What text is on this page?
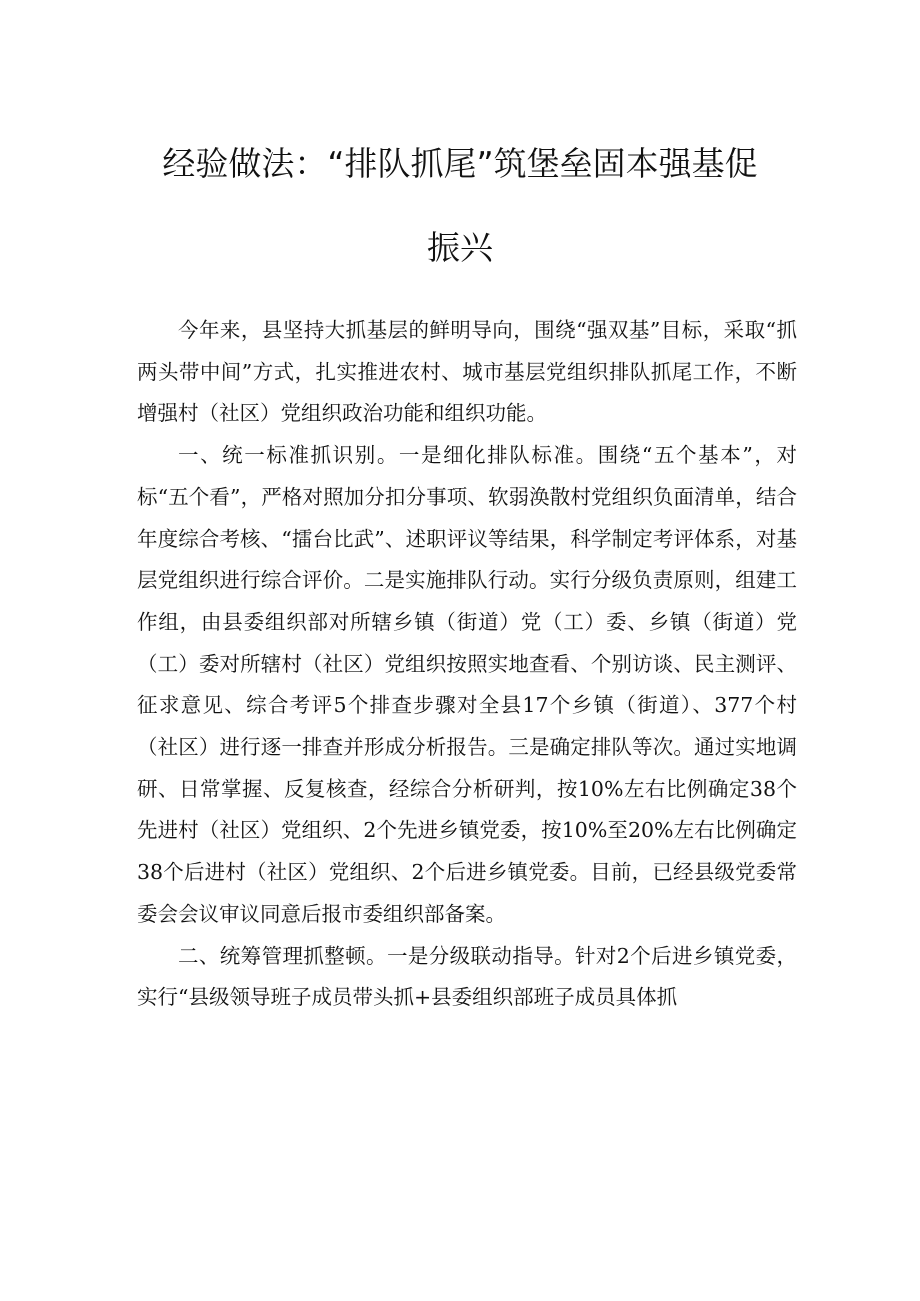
经验做法：“排队抓尾”筑堡垒固本强基促
振兴

今年来，县坚持大抓基层的鲜明导向，围绕“强双基”目标，采取“抓两头带中间”方式，扎实推进农村、城市基层党组织排队抓尾工作，不断增强村（社区）党组织政治功能和组织功能。

一、统一标准抓识别。一是细化排队标准。围绕“五个基本”，对标“五个看”，严格对照加分扣分事项、软弱涣散村党组织负面清单，结合年度综合考核、“擂台比武”、述职评议等结果，科学制定考评体系，对基层党组织进行综合评价。二是实施排队行动。实行分级负责原则，组建工作组，由县委组织部对所辖乡镇（街道）党（工）委、乡镇（街道）党（工）委对所辖村（社区）党组织按照实地查看、个别访谈、民主测评、征求意见、综合考评5个排查步骤对全县17个乡镇（街道）、377个村（社区）进行逐一排查并形成分析报告。三是确定排队等次。通过实地调研、日常掌握、反复核查，经综合分析研判，按10%左右比例确定38个先进村（社区）党组织、2个先进乡镇党委，按10%至20%左右比例确定38个后进村（社区）党组织、2个后进乡镇党委。目前，已经县级党委常委会会议审议同意后报市委组织部备案。

二、统筹管理抓整顿。一是分级联动指导。针对2个后进乡镇党委，实行“县级领导班子成员带头抓+县委组织部班子成员具体抓
